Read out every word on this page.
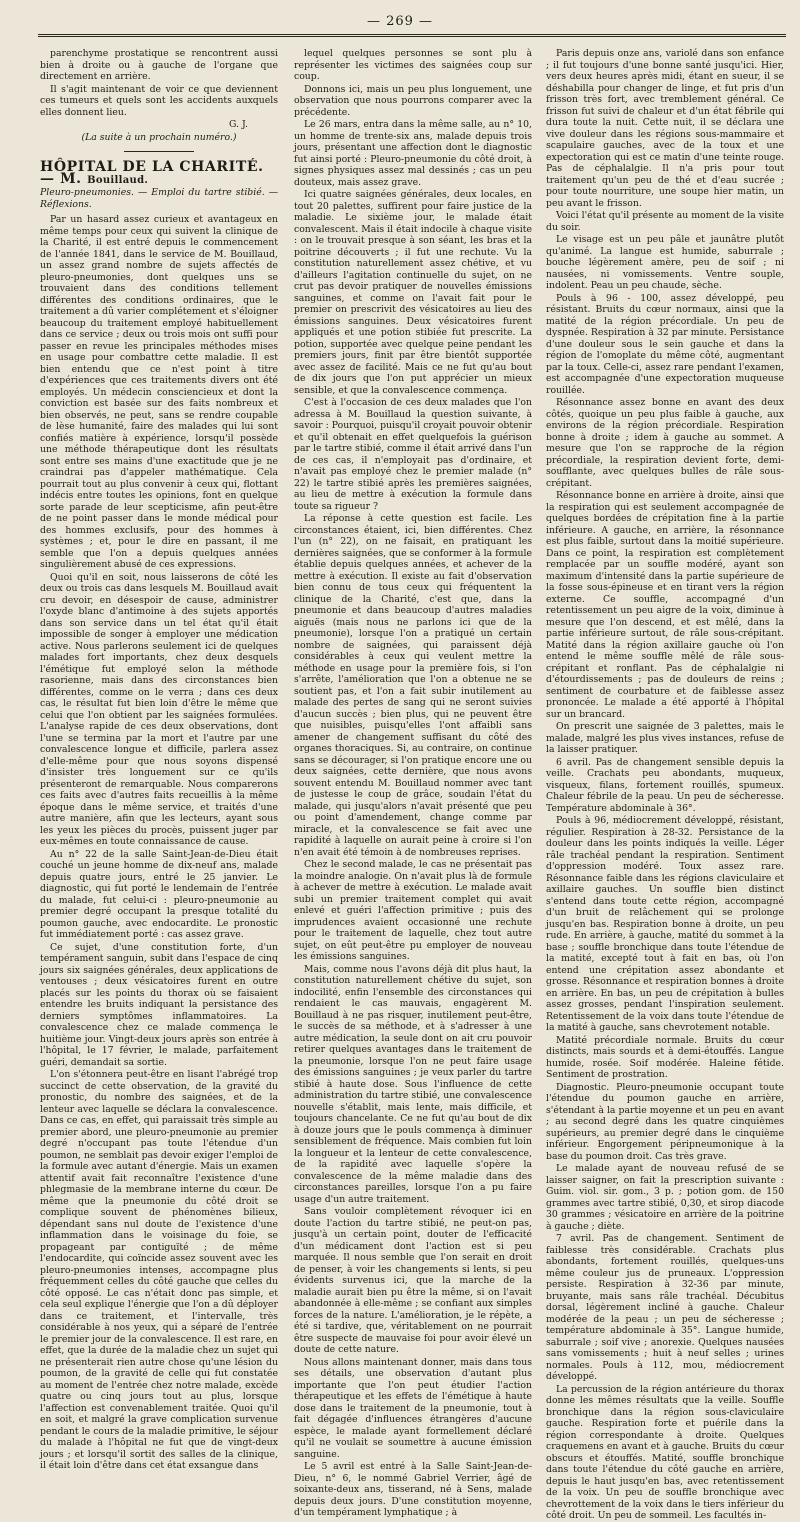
— 269 —

parenchyme prostatique se rencontrent aussi bien à droite ou à gauche de l'organe que directement en arrière.

Il s'agit maintenant de voir ce que deviennent ces tumeurs et quels sont les accidents auxquels elles donnent lieu.

G. J.

(La suite à un prochain numéro.)

HÔPITAL DE LA CHARITÉ. — M. Bouillaud.

Pleuro-pneumonies. — Emploi du tartre stibié. — Réflexions.

Par un hasard assez curieux et avantageux en même temps pour ceux qui suivent la clinique de la Charité, il est entré depuis le commencement de l'année 1841, dans le service de M. Bouillaud, un assez grand nombre de sujets affectés de pleuro-pneumonies, dont quelques uns se trouvaient dans des conditions tellement différentes des conditions ordinaires, que le traitement a dû varier complétement et s'éloigner beaucoup du traitement employé habituellement dans ce service ; deux ou trois mois ont suffi pour passer en revue les principales méthodes mises en usage pour combattre cette maladie. Il est bien entendu que ce n'est point à titre d'expériences que ces traitements divers ont été employés. Un médecin consciencieux et dont la conviction est basée sur des faits nombreux et bien observés, ne peut, sans se rendre coupable de lèse humanité, faire des malades qui lui sont confiés matière à expérience, lorsqu'il possède une méthode thérapeutique dont les résultats sont entre ses mains d'une exactitude que je ne craindrai pas d'appeler mathématique. Cela pourrait tout au plus convenir à ceux qui, flottant indécis entre toutes les opinions, font en quelque sorte parade de leur scepticisme, afin peut-être de ne point passer dans le monde médical pour des hommes exclusifs, pour des hommes à systèmes ; et, pour le dire en passant, il me semble que l'on a depuis quelques années singulièrement abusé de ces expressions.

Quoi qu'il en soit, nous laisserons de côté les deux ou trois cas dans lesquels M. Bouillaud avait cru devoir, en désespoir de cause, administrer l'oxyde blanc d'antimoine à des sujets apportés dans son service dans un tel état qu'il était impossible de songer à employer une médication active. Nous parlerons seulement ici de quelques malades fort importants, chez deux desquels l'émétique fut employé selon la méthode rasorienne, mais dans des circonstances bien différentes, comme on le verra ; dans ces deux cas, le résultat fut bien loin d'être le même que celui que l'on obtient par les saignées formulées. L'analyse rapide de ces deux observations, dont l'une se termina par la mort et l'autre par une convalescence longue et difficile, parlera assez d'elle-même pour que nous soyons dispensé d'insister très longuement sur ce qu'ils présenteront de remarquable. Nous comparerons ces faits avec d'autres faits recueillis à la même époque dans le même service, et traités d'une autre manière, afin que les lecteurs, ayant sous les yeux les pièces du procès, puissent juger par eux-mêmes en toute connaissance de cause.

Au n° 22 de la salle Saint-Jean-de-Dieu était couché un jeune homme de dix-neuf ans, malade depuis quatre jours, entré le 25 janvier. Le diagnostic, qui fut porté le lendemain de l'entrée du malade, fut celui-ci : pleuro-pneumonie au premier degré occupant la presque totalité du poumon gauche, avec endocardite. Le pronostic fut immédiatement porté : cas assez grave.

Ce sujet, d'une constitution forte, d'un tempérament sanguin, subit dans l'espace de cinq jours six saignées générales, deux applications de ventouses ; deux vésicatoires furent en outre placés sur les points du thorax où se faisaient entendre les bruits indiquant la persistance des derniers symptômes inflammatoires. La convalescence chez ce malade commença le huitième jour. Vingt-deux jours après son entrée à l'hôpital, le 17 février, le malade, parfaitement guéri, demandait sa sortie.

L'on s'étonnera peut-être en lisant l'abrégé trop succinct de cette observation, de la gravité du pronostic, du nombre des saignées, et de la lenteur avec laquelle se déclara la convalescence. Dans ce cas, en effet, qui paraissait très simple au premier abord, une pleuro-pneumonie au premier degré n'occupant pas toute l'étendue d'un poumon, ne semblait pas devoir exiger l'emploi de la formule avec autant d'énergie. Mais un examen attentif avait fait reconnaître l'existence d'une phlegmasie de la membrane interne du cœur. De même que la pneumonie du côté droit se complique souvent de phénomènes bilieux, dépendant sans nul doute de l'existence d'une inflammation dans le voisinage du foie, se propageant par contiguïté ; de même l'endocardite, qui coïncide assez souvent avec les pleuro-pneumonies intenses, accompagne plus fréquemment celles du côté gauche que celles du côté opposé. Le cas n'était donc pas simple, et cela seul explique l'énergie que l'on a dû déployer dans ce traitement, et l'intervalle, très considérable à nos yeux, qui a séparé de l'entrée le premier jour de la convalescence. Il est rare, en effet, que la durée de la maladie chez un sujet qui ne présenterait rien autre chose qu'une lésion du poumon, de la gravité de celle qui fut constatée au moment de l'entrée chez notre malade, excède quatre ou cinq jours tout au plus, lorsque l'affection est convenablement traitée. Quoi qu'il en soit, et malgré la grave complication survenue pendant le cours de la maladie primitive, le séjour du malade à l'hôpital ne fut que de vingt-deux jours ; et lorsqu'il sortit des salles de la clinique, il était loin d'être dans cet état exsangue dans

lequel quelques personnes se sont plu à représenter les victimes des saignées coup sur coup.

Donnons ici, mais un peu plus longuement, une observation que nous pourrons comparer avec la précédente.

Le 26 mars, entra dans la même salle, au n° 10, un homme de trente-six ans, malade depuis trois jours, présentant une affection dont le diagnostic fut ainsi porté : Pleuro-pneumonie du côté droit, à signes physiques assez mal dessinés ; cas un peu douteux, mais assez grave.

Ici quatre saignées générales, deux locales, en tout 20 palettes, suffirent pour faire justice de la maladie. Le sixième jour, le malade était convalescent. Mais il était indocile à chaque visite : on le trouvait presque à son séant, les bras et la poitrine découverts ; il fut une rechute. Vu la constitution naturellement assez chétive, et vu d'ailleurs l'agitation continuelle du sujet, on ne crut pas devoir pratiquer de nouvelles émissions sanguines, et comme on l'avait fait pour le premier on prescrivit des vésicatoires au lieu des émissions sanguines. Deux vésicatoires furent appliqués et une potion stibiée fut prescrite. La potion, supportée avec quelque peine pendant les premiers jours, finit par être bientôt supportée avec assez de facilité. Mais ce ne fut qu'au bout de dix jours que l'on put apprécier un mieux sensible, et que la convalescence commença.

C'est à l'occasion de ces deux malades que l'on adressa à M. Bouillaud la question suivante, à savoir : Pourquoi, puisqu'il croyait pouvoir obtenir et qu'il obtenait en effet quelquefois la guérison par le tartre stibié, comme il était arrivé dans l'un de ces cas, il n'employait pas d'ordinaire, et n'avait pas employé chez le premier malade (n° 22) le tartre stibié après les premières saignées, au lieu de mettre à exécution la formule dans toute sa rigueur ?

La réponse à cette question est facile. Les circonstances étaient, ici, bien différentes. Chez l'un (n° 22), on ne faisait, en pratiquant les dernières saignées, que se conformer à la formule établie depuis quelques années, et achever de la mettre à exécution. Il existe au fait d'observation bien connu de tous ceux qui fréquentent la clinique de la Charité, c'est que, dans la pneumonie et dans beaucoup d'autres maladies aiguës (mais nous ne parlons ici que de la pneumonie), lorsque l'on a pratiqué un certain nombre de saignées, qui paraissent déjà considérables à ceux qui veulent mettre la méthode en usage pour la première fois, si l'on s'arrête, l'amélioration que l'on a obtenue ne se soutient pas, et l'on a fait subir inutilement au malade des pertes de sang qui ne seront suivies d'aucun succès ; bien plus, qui ne peuvent être que nuisibles, puisqu'elles l'ont affaibli sans amener de changement suffisant du côté des organes thoraciques. Si, au contraire, on continue sans se décourager, si l'on pratique encore une ou deux saignées, cette dernière, que nous avons souvent entendu M. Bouillaud nommer avec tant de justesse le coup de grâce, soudain l'état du malade, qui jusqu'alors n'avait présenté que peu ou point d'amendement, change comme par miracle, et la convalescence se fait avec une rapidité à laquelle on aurait peine à croire si l'on n'en avait été témoin à de nombreuses reprises.

Chez le second malade, le cas ne présentait pas la moindre analogie. On n'avait plus là de formule à achever de mettre à exécution. Le malade avait subi un premier traitement complet qui avait enlevé et guéri l'affection primitive ; puis des imprudences avaient occasionné une rechute pour le traitement de laquelle, chez tout autre sujet, on eût peut-être pu employer de nouveau les émissions sanguines.

Mais, comme nous l'avons déjà dit plus haut, la constitution naturellement chétive du sujet, son indocilité, enfin l'ensemble des circonstances qui rendaient le cas mauvais, engagèrent M. Bouillaud à ne pas risquer, inutilement peut-être, le succès de sa méthode, et à s'adresser à une autre médication, la seule dont on ait cru pouvoir retirer quelques avantages dans le traitement de la pneumonie, lorsque l'on ne peut faire usage des émissions sanguines ; je veux parler du tartre stibié à haute dose. Sous l'influence de cette administration du tartre stibié, une convalescence nouvelle s'établit, mais lente, mais difficile, et toujours chancelante. Ce ne fut qu'au bout de dix à douze jours que le pouls commença à diminuer sensiblement de fréquence. Mais combien fut loin la longueur et la lenteur de cette convalescence, de la rapidité avec laquelle s'opère la convalescence de la même maladie dans des circonstances pareilles, lorsque l'on a pu faire usage d'un autre traitement.

Sans vouloir complètement révoquer ici en doute l'action du tartre stibié, ne peut-on pas, jusqu'à un certain point, douter de l'efficacité d'un médicament dont l'action est si peu marquée. Il nous semble que l'on serait en droit de penser, à voir les changements si lents, si peu évidents survenus ici, que la marche de la maladie aurait bien pu être la même, si on l'avait abandonnée à elle-même ; se confiant aux simples forces de la nature. L'amélioration, je le répète, a été si tardive, que, véritablement on ne pourrait être suspecte de mauvaise foi pour avoir élevé un doute de cette nature.

Nous allons maintenant donner, mais dans tous ses détails, une observation d'autant plus importante que l'on peut étudier l'action thérapeutique et les effets de l'émétique à haute dose dans le traitement de la pneumonie, tout à fait dégagée d'influences étrangères d'aucune espèce, le malade ayant formellement déclaré qu'il ne voulait se soumettre à aucune émission sanguine.

Le 5 avril est entré à la Salle Saint-Jean-de-Dieu, n° 6, le nommé Gabriel Verrier, âgé de soixante-deux ans, tisserand, né à Sens, malade depuis deux jours. D'une constitution moyenne, d'un tempérament lymphatique ; à

Paris depuis onze ans, variolé dans son enfance ; il fut toujours d'une bonne santé jusqu'ici. Hier, vers deux heures après midi, étant en sueur, il se déshabilla pour changer de linge, et fut pris d'un frisson très fort, avec tremblement général. Ce frisson fut suivi de chaleur et d'un état fébrile qui dura toute la nuit. Cette nuit, il se déclara une vive douleur dans les régions sous-mammaire et scapulaire gauches, avec de la toux et une expectoration qui est ce matin d'une teinte rouge. Pas de céphalalgie. Il n'a pris pour tout traitement qu'un peu de thé et d'eau sucrée ; pour toute nourriture, une soupe hier matin, un peu avant le frisson.

Voici l'état qu'il présente au moment de la visite du soir.

Le visage est un peu pâle et jaunâtre plutôt qu'animé. La langue est humide, saburrale ; bouche légèrement amère, peu de soif ; ni nausées, ni vomissements. Ventre souple, indolent. Peau un peu chaude, sèche.

Pouls à 96 - 100, assez développé, peu résistant. Bruits du cœur normaux, ainsi que la matité de la région précordiale. Un peu de dyspnée. Respiration à 32 par minute. Persistance d'une douleur sous le sein gauche et dans la région de l'omoplate du même côté, augmentant par la toux. Celle-ci, assez rare pendant l'examen, est accompagnée d'une expectoration muqueuse rouillée.

Résonnance assez bonne en avant des deux côtés, quoique un peu plus faible à gauche, aux environs de la région précordiale. Respiration bonne à droite ; idem à gauche au sommet. A mesure que l'on se rapproche de la région précordiale, la respiration devient forte, demi-soufflante, avec quelques bulles de râle sous-crépitant.

Résonnance bonne en arrière à droite, ainsi que la respiration qui est seulement accompagnée de quelques bordées de crépitation fine à la partie inférieure. A gauche, en arrière, la résonnance est plus faible, surtout dans la moitié supérieure. Dans ce point, la respiration est complètement remplacée par un souffle modéré, ayant son maximum d'intensité dans la partie supérieure de la fosse sous-épineuse et en tirant vers la région externe. Ce souffle, accompagné d'un retentissement un peu aigre de la voix, diminue à mesure que l'on descend, et est mêlé, dans la partie inférieure surtout, de râle sous-crépitant. Matité dans la région axillaire gauche où l'on entend le même souffle mêlé de râle sous-crépitant et ronflant. Pas de céphalalgie ni d'étourdissements ; pas de douleurs de reins ; sentiment de courbature et de faiblesse assez prononcée. Le malade a été apporté à l'hôpital sur un brancard.

On prescrit une saignée de 3 palettes, mais le malade, malgré les plus vives instances, refuse de la laisser pratiquer.

6 avril. Pas de changement sensible depuis la veille. Crachats peu abondants, muqueux, visqueux, filans, fortement rouillés, spumeux. Chaleur fébrile de la peau. Un peu de sécheresse. Température abdominale à 36°.

Pouls à 96, médiocrement développé, résistant, régulier. Respiration à 28-32. Persistance de la douleur dans les points indiqués la veille. Léger râle trachéal pendant la respiration. Sentiment d'oppression modéré. Toux assez rare. Résonnance faible dans les régions claviculaire et axillaire gauches. Un souffle bien distinct s'entend dans toute cette région, accompagné d'un bruit de relâchement qui se prolonge jusqu'en bas. Respiration bonne à droite, un peu rude. En arrière, à gauche, matité du sommet à la base ; souffle bronchique dans toute l'étendue de la matité, excepté tout à fait en bas, où l'on entend une crépitation assez abondante et grosse. Résonnance et respiration bonnes à droite en arrière. En bas, un peu de crépitation à bulles assez grosses, pendant l'inspiration seulement. Retentissement de la voix dans toute l'étendue de la matité à gauche, sans chevrotement notable.

Matité précordiale normale. Bruits du cœur distincts, mais sourds et à demi-étouffés. Langue humide, rosée. Soif modérée. Haleine fétide. Sentiment de prostration.

Diagnostic. Pleuro-pneumonie occupant toute l'étendue du poumon gauche en arrière, s'étendant à la partie moyenne et un peu en avant ; au second degré dans les quatre cinquièmes supérieurs, au premier degré dans le cinquième inférieur. Engorgement péripneumonique à la base du poumon droit. Cas très grave.

Le malade ayant de nouveau refusé de se laisser saigner, on fait la prescription suivante : Guim. viol. sir. gom., 3 p. ; potion gom. de 150 grammes avec tartre stibié, 0,30, et sirop diacode 30 grammes ; vésicatoire en arrière de la poitrine à gauche ; diète.

7 avril. Pas de changement. Sentiment de faiblesse très considérable. Crachats plus abondants, fortement rouillés, quelques-uns même couleur jus de pruneaux. L'oppression persiste. Respiration à 32-36 par minute, bruyante, mais sans râle trachéal. Décubitus dorsal, légèrement incliné à gauche. Chaleur modérée de la peau ; un peu de sécheresse ; température abdominale à 35°. Langue humide, saburrale ; soif vive ; anorexie. Quelques nausées sans vomissements ; huit à neuf selles ; urines normales. Pouls à 112, mou, médiocrement développé.

La percussion de la région antérieure du thorax donne les mêmes résultats que la veille. Souffle bronchique dans la région sous-claviculaire gauche. Respiration forte et puérile dans la région correspondante à droite. Quelques craquemens en avant et à gauche. Bruits du cœur obscurs et étouffés. Matité, souffle bronchique dans toute l'étendue du côté gauche en arrière, depuis le haut jusqu'en bas, avec retentissement de la voix. Un peu de souffle bronchique avec chevrottement de la voix dans le tiers inférieur du côté droit. Un peu de sommeil. Les facultés in-
